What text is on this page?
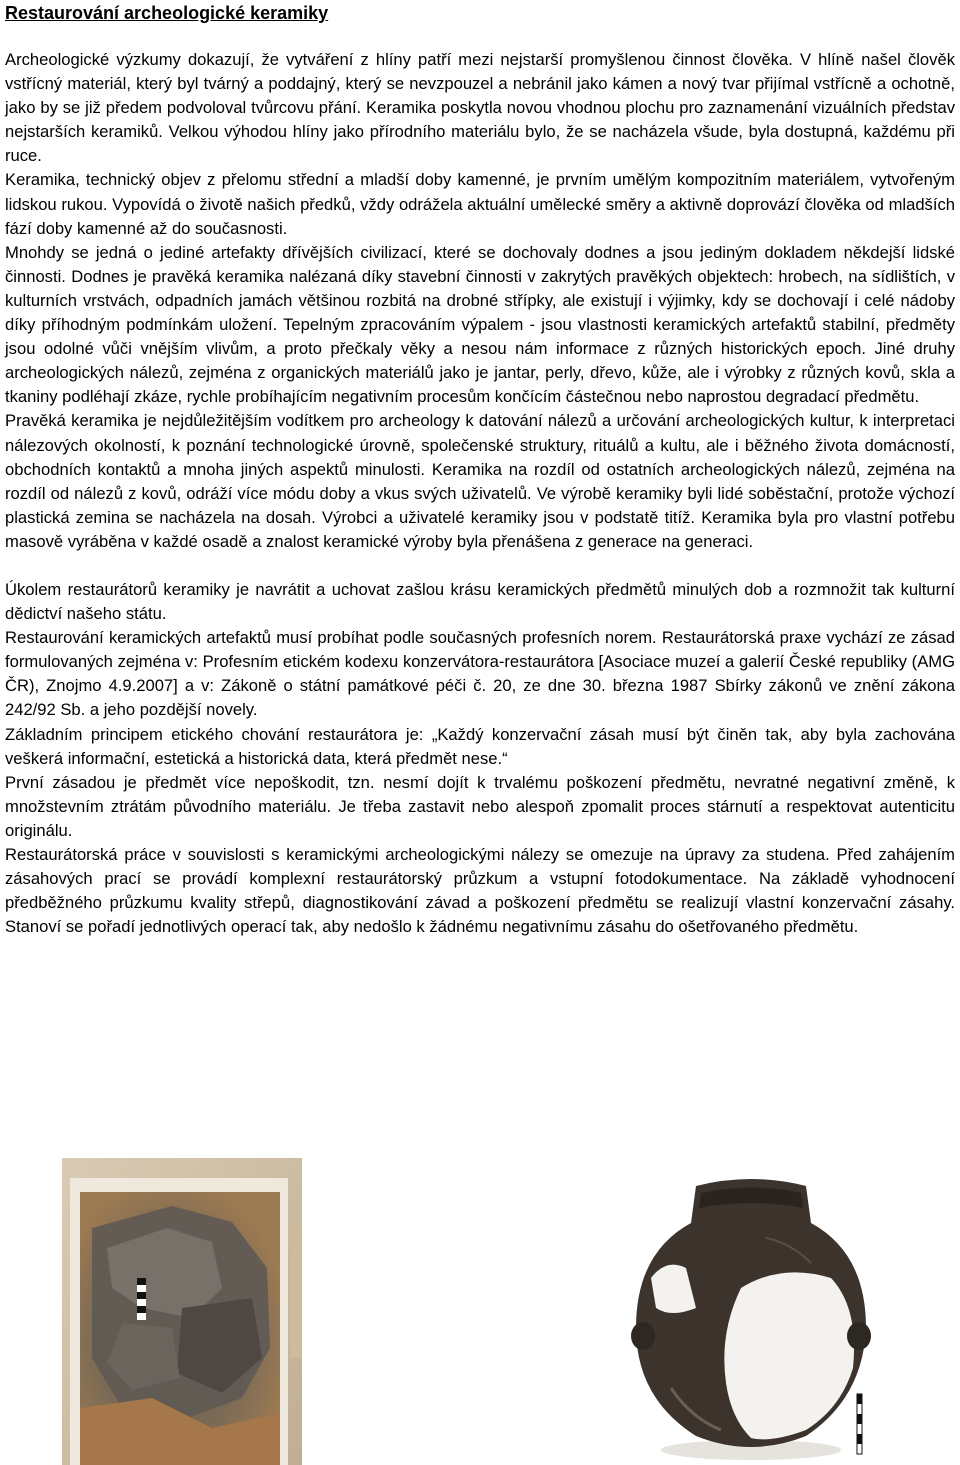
Restaurování archeologické keramiky

Archeologické výzkumy dokazují, že vytváření z hlíny patří mezi nejstarší promyšlenou činnost člověka. V hlíně našel člověk vstřícný materiál, který byl tvárný a poddajný, který se nevzpouzel a nebránil jako kámen a nový tvar přijímal vstřícně a ochotně, jako by se již předem podvoloval tvůrcovu přání. Keramika poskytla novou vhodnou plochu pro zaznamenání vizuálních představ nejstarších keramiků. Velkou výhodou hlíny jako přírodního materiálu bylo, že se nacházela všude, byla dostupná, každému při ruce.

Keramika, technický objev z přelomu střední a mladší doby kamenné, je prvním umělým kompozitním materiálem, vytvořeným lidskou rukou. Vypovídá o životě našich předků, vždy odrážela aktuální umělecké směry a aktivně doprovází člověka od mladších fází doby kamenné až do současnosti.

Mnohdy se jedná o jediné artefakty dřívějších civilizací, které se dochovaly dodnes a jsou jediným dokladem někdejší lidské činnosti. Dodnes je pravěká keramika nalézaná díky stavební činnosti v zakrytých pravěkých objektech: hrobech, na sídlištích, v kulturních vrstvách, odpadních jamách většinou rozbitá na drobné střípky, ale existují i výjimky, kdy se dochovají i celé nádoby díky příhodným podmínkám uložení. Tepelným zpracováním výpalem - jsou vlastnosti keramických artefaktů stabilní, předměty jsou odolné vůči vnějším vlivům, a proto přečkaly věky a nesou nám informace z různých historických epoch. Jiné druhy archeologických nálezů, zejména z organických materiálů jako je jantar, perly, dřevo, kůže, ale i výrobky z různých kovů, skla a tkaniny podléhají zkáze, rychle probíhajícím negativním procesům končícím částečnou nebo naprostou degradací předmětu.

Pravěká keramika je nejdůležitějším vodítkem pro archeology k datování nálezů a určování archeologických kultur, k interpretaci nálezových okolností, k poznání technologické úrovně, společenské struktury, rituálů a kultu, ale i běžného života domácností, obchodních kontaktů a mnoha jiných aspektů minulosti. Keramika na rozdíl od ostatních archeologických nálezů, zejména na rozdíl od nálezů z kovů, odráží více módu doby a vkus svých uživatelů. Ve výrobě keramiky byli lidé soběstační, protože výchozí plastická zemina se nacházela na dosah. Výrobci a uživatelé keramiky jsou v podstatě titíž. Keramika byla pro vlastní potřebu masově vyráběna v každé osadě a znalost keramické výroby byla přenášena z generace na generaci.

Úkolem restaurátorů keramiky je navrátit a uchovat zašlou krásu keramických předmětů minulých dob a rozmnožit tak kulturní dědictví našeho státu.

Restaurování keramických artefaktů musí probíhat podle současných profesních norem. Restaurátorská praxe vychází ze zásad formulovaných zejména v: Profesním etickém kodexu konzervátora-restaurátora [Asociace muzeí a galerií České republiky (AMG ČR), Znojmo 4.9.2007] a v: Zákoně o státní památkové péči č. 20, ze dne 30. března 1987 Sbírky zákonů ve znění zákona 242/92 Sb. a jeho pozdější novely.

Základním principem etického chování restaurátora je: „Každý konzervační zásah musí být činěn tak, aby byla zachována veškerá informační, estetická a historická data, která předmět nese.“

První zásadou je předmět více nepoškodit, tzn. nesmí dojít k trvalému poškození předmětu, nevratné negativní změně, k množstevním ztrátám původního materiálu. Je třeba zastavit nebo alespoň zpomalit proces stárnutí a respektovat autenticitu originálu.

Restaurátorská práce v souvislosti s keramickými archeologickými nálezy se omezuje na úpravy za studena. Před zahájením zásahových prací se provádí komplexní restaurátorský průzkum a vstupní fotodokumentace. Na základě vyhodnocení předběžného průzkumu kvality střepů, diagnostikování závad a poškození předmětu se realizují vlastní konzervační zásahy. Stanoví se pořadí jednotlivých operací tak, aby nedošlo k žádnému negativnímu zásahu do ošetřovaného předmětu.
